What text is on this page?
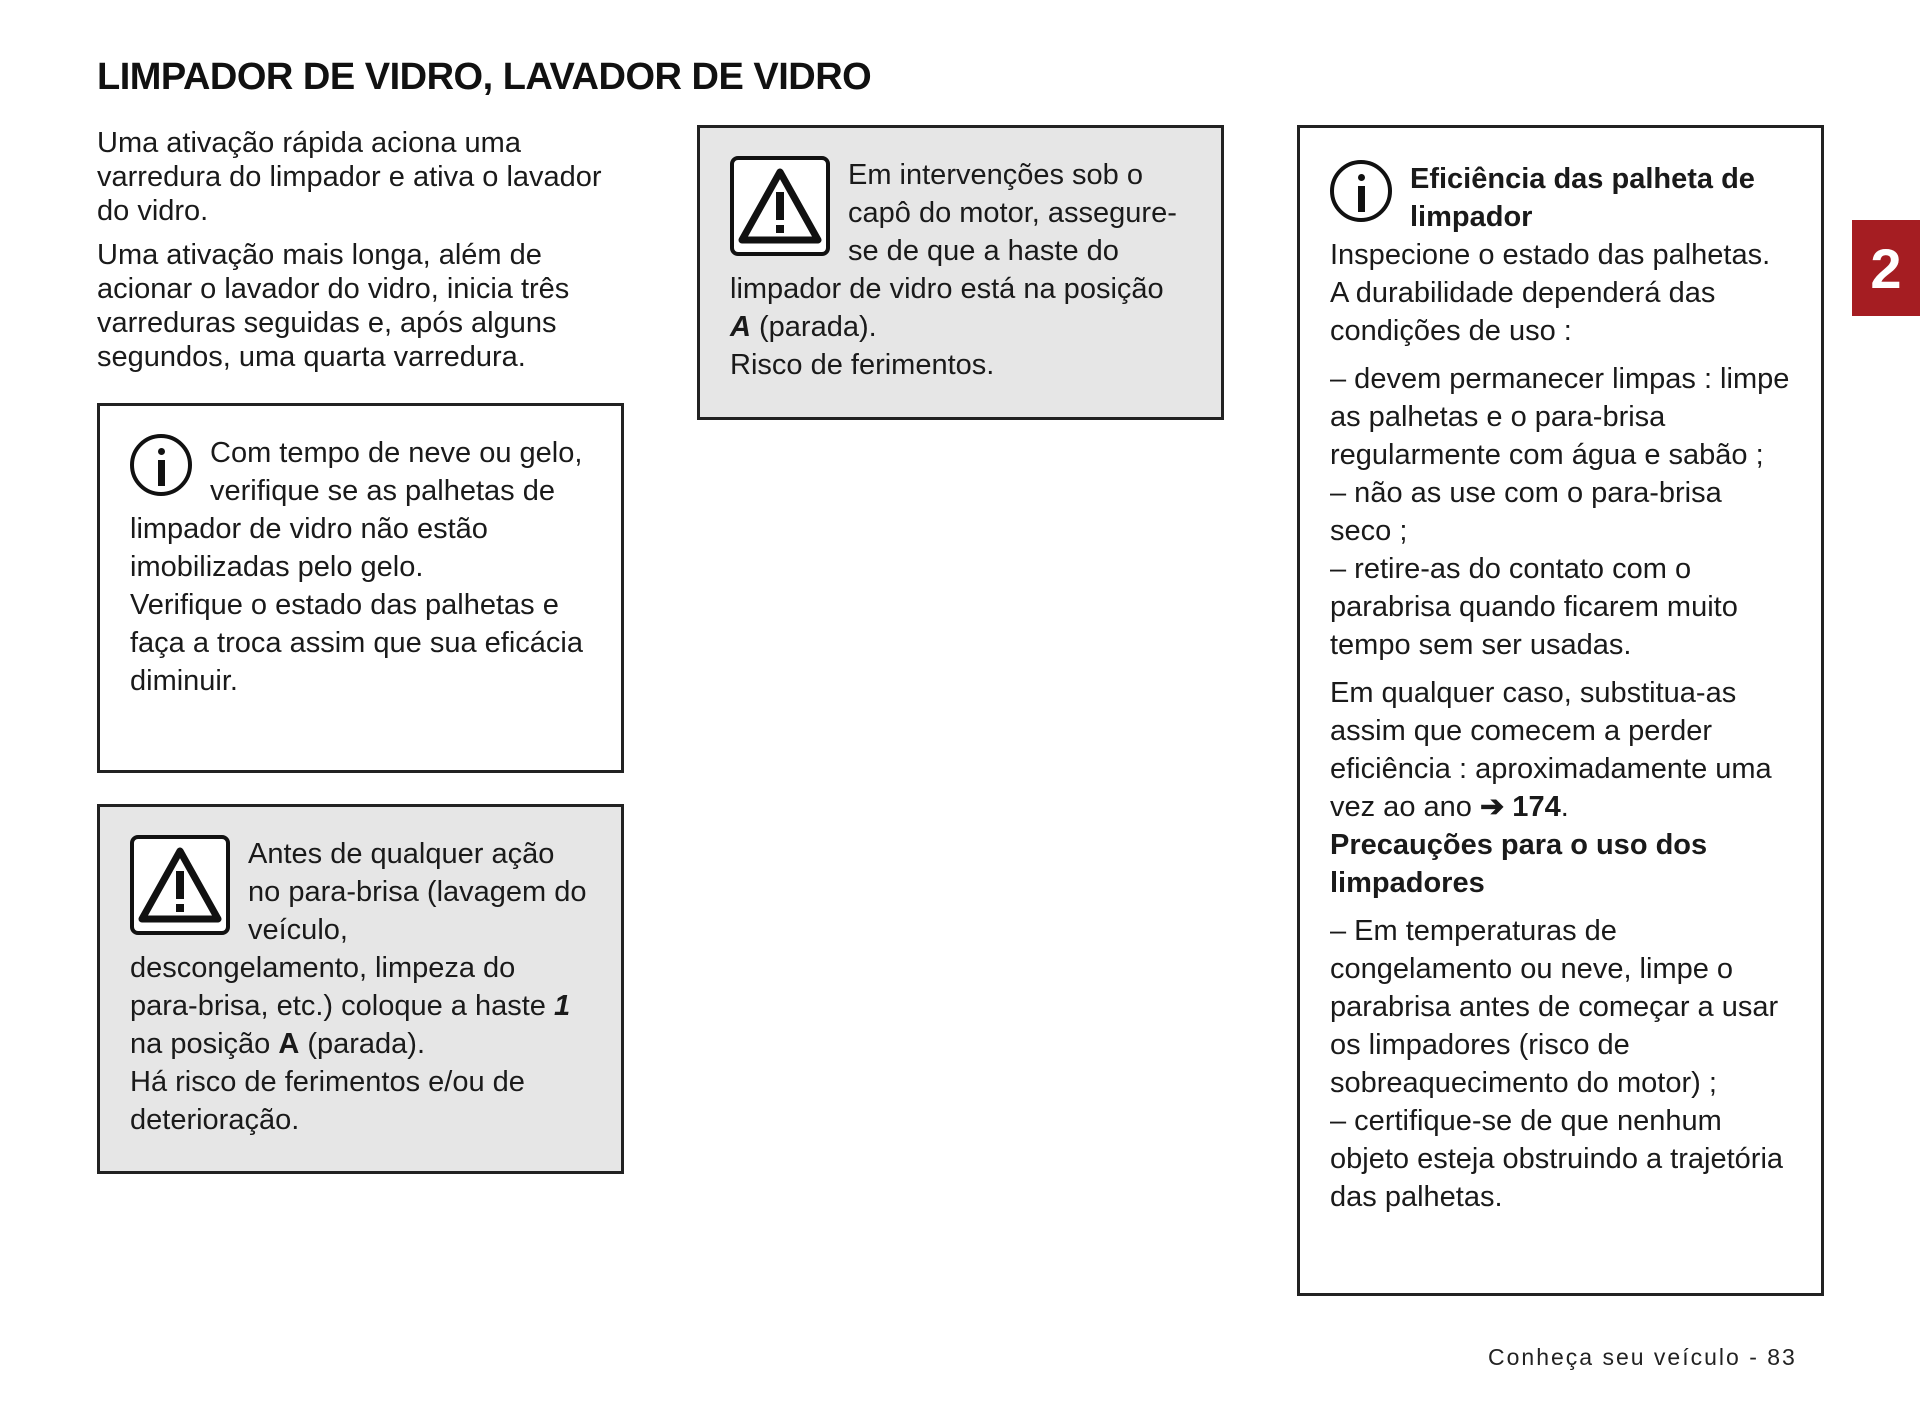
LIMPADOR DE VIDRO, LAVADOR DE VIDRO

Uma ativação rápida aciona uma varredura do limpador e ativa o lavador do vidro.

Uma ativação mais longa, além de acionar o lavador do vidro, inicia três varreduras seguidas e, após alguns segundos, uma quarta varredura.

Com tempo de neve ou gelo, verifique se as palhetas de limpador de vidro não estão imobilizadas pelo gelo.

Verifique o estado das palhetas e faça a troca assim que sua eficácia diminuir.

Antes de qualquer ação no para-brisa (lavagem do veículo, descongelamento, limpeza do para-brisa, etc.) coloque a haste 1 na posição A (parada).

Há risco de ferimentos e/ou de deterioração.

Em intervenções sob o capô do motor, assegure-se de que a haste do limpador de vidro está na posição A (parada).

Risco de ferimentos.

Eficiência das palheta de limpador

Inspecione o estado das palhetas. A durabilidade dependerá das condições de uso :

– devem permanecer limpas : limpe as palhetas e o para-brisa regularmente com água e sabão ;

– não as use com o para-brisa seco ;

– retire-as do contato com o parabrisa quando ficarem muito tempo sem ser usadas.

Em qualquer caso, substitua-as assim que comecem a perder eficiência : aproximadamente uma vez ao ano ➔ 174.

Precauções para o uso dos limpadores

– Em temperaturas de congelamento ou neve, limpe o parabrisa antes de começar a usar os limpadores (risco de sobreaquecimento do motor) ;

– certifique-se de que nenhum objeto esteja obstruindo a trajetória das palhetas.

2
Conheça seu veículo - 83
